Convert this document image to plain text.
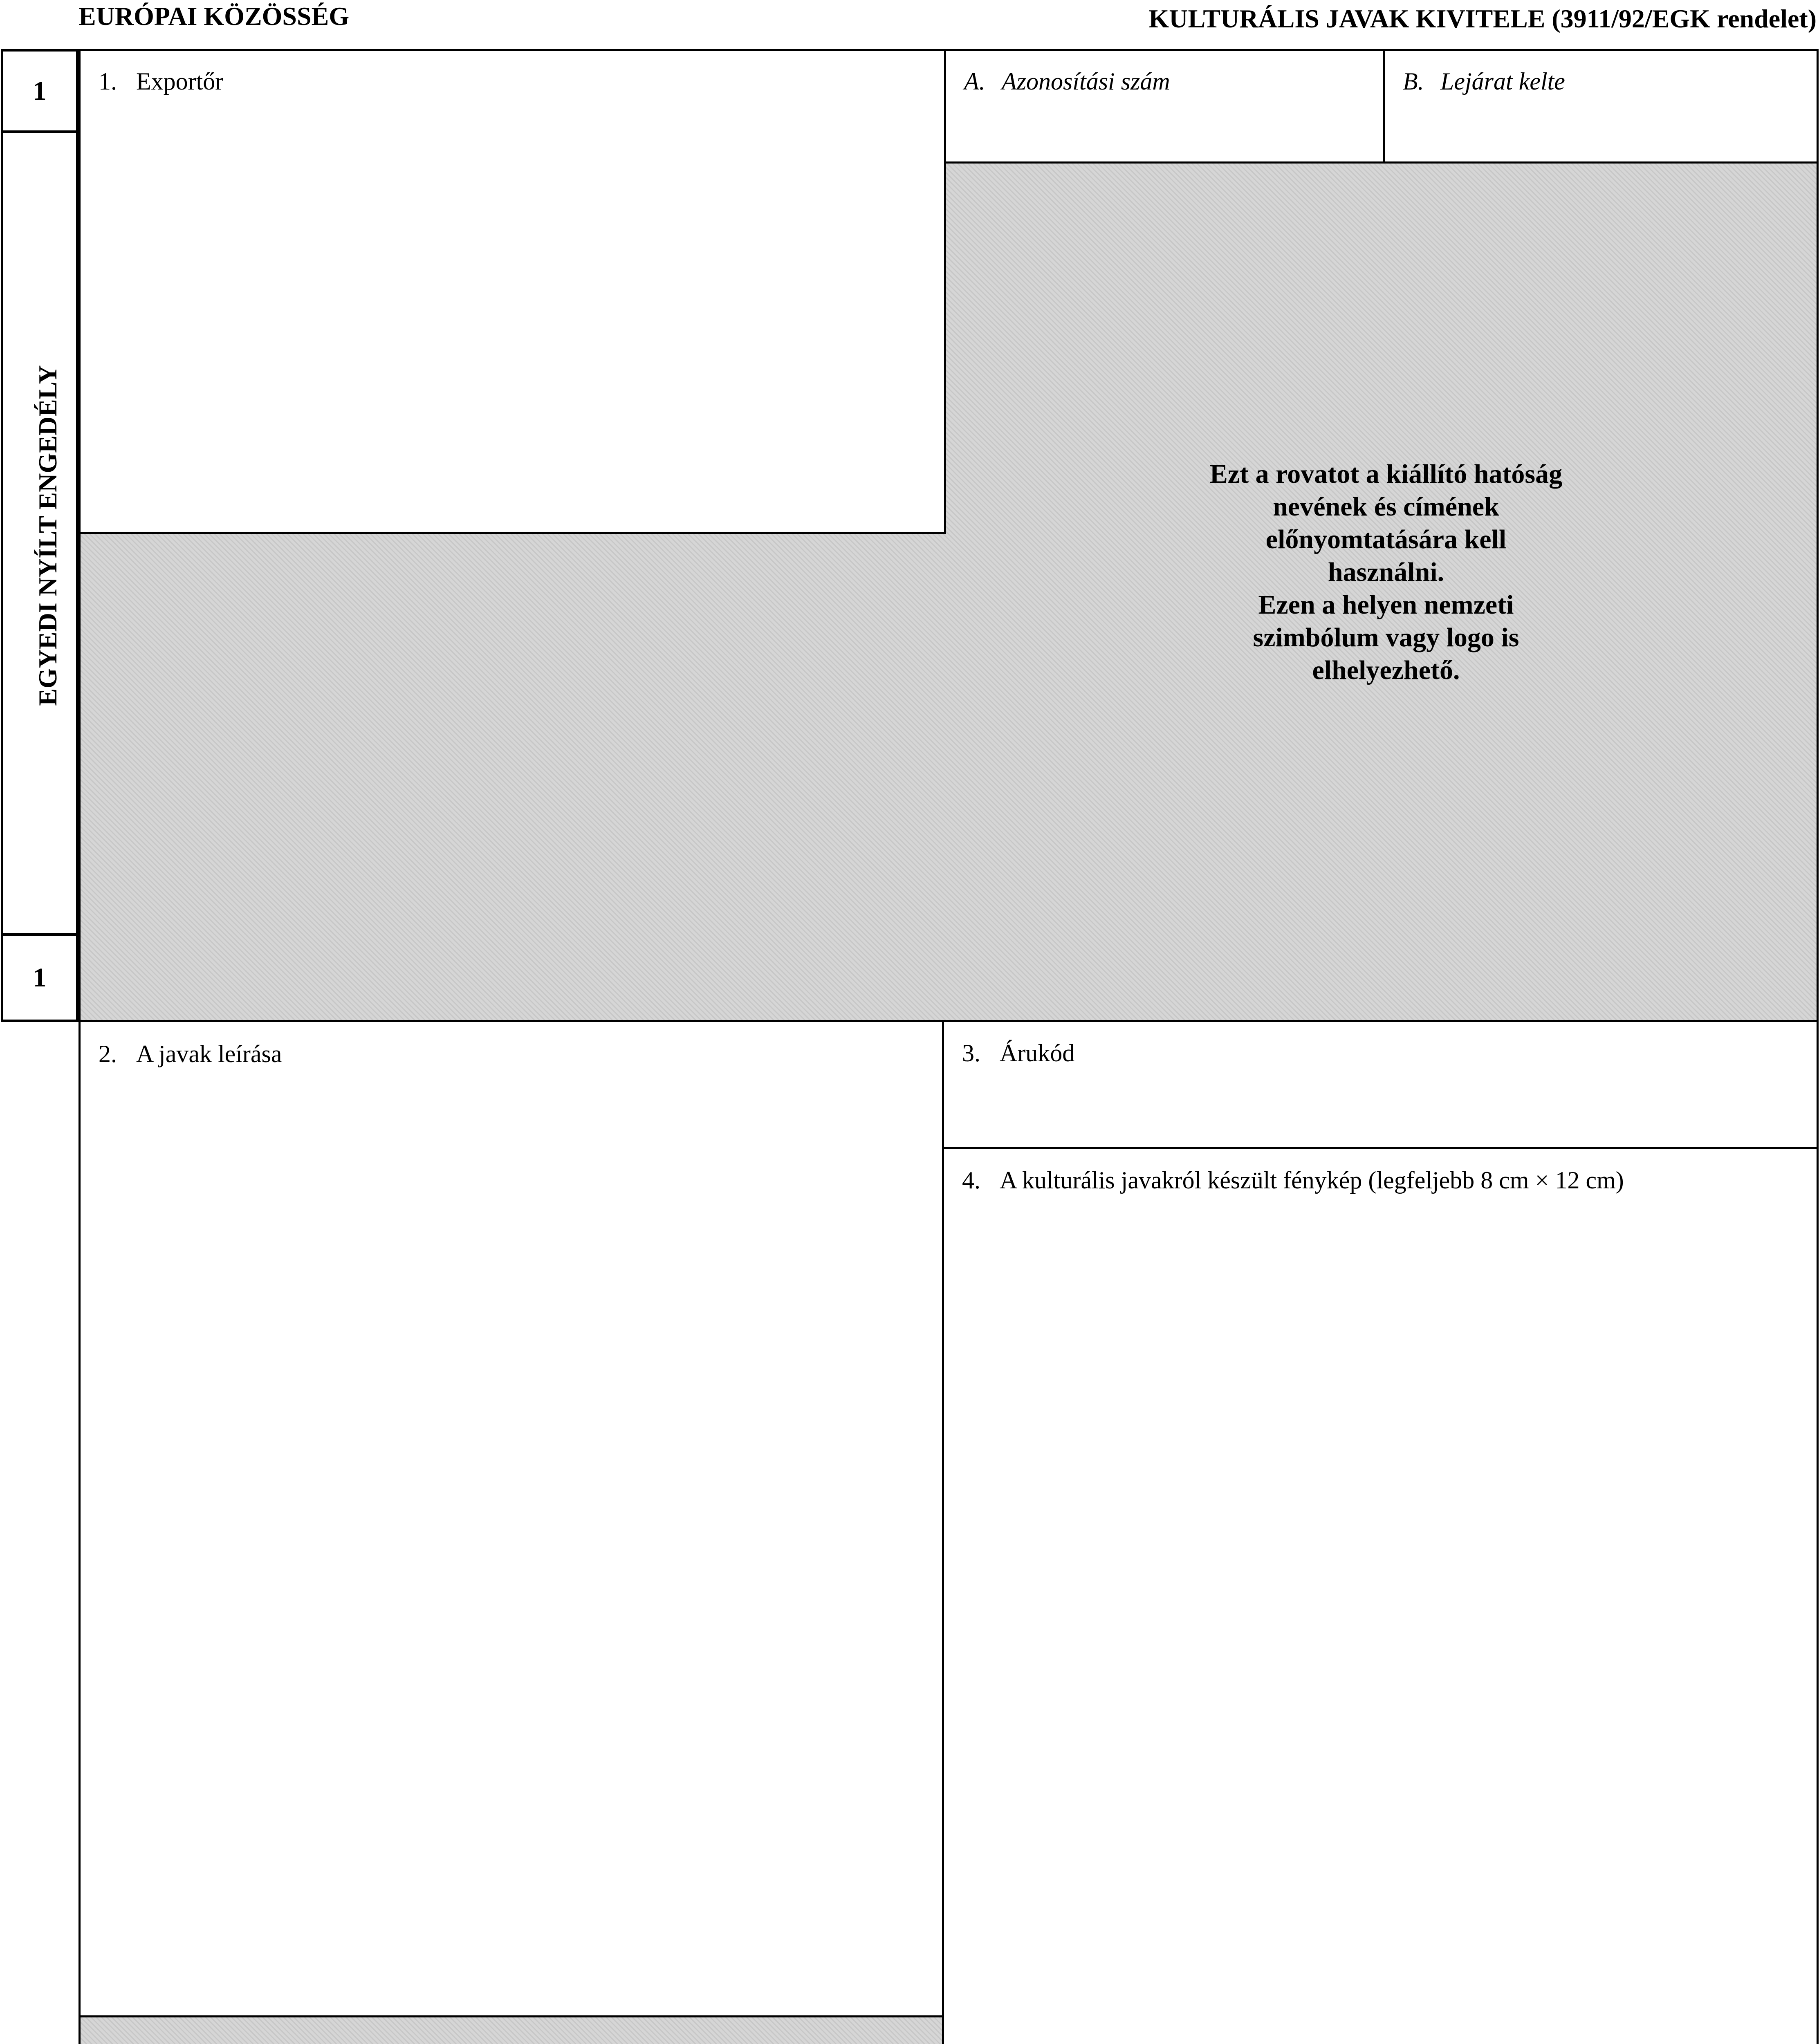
EURÓPAI KÖZÖSSÉG	KULTURÁLIS JAVAK KIVITELE (3911/92/EGK rendelet)
1
1
EGYEDI NYÍLT ENGEDÉLY
1. Exportőr	A. Azonosítási szám	B. Lejárat kelte
Ezt a rovatot a kiállító hatóság
nevének és címének
előnyomtatására kell
használni.
Ezen a helyen nemzeti
szimbólum vagy logo is
elhelyezhető.
2. A javak leírása	3. Árukód
4. A kulturális javakról készült fénykép (legfeljebb 8 cm × 12 cm)
